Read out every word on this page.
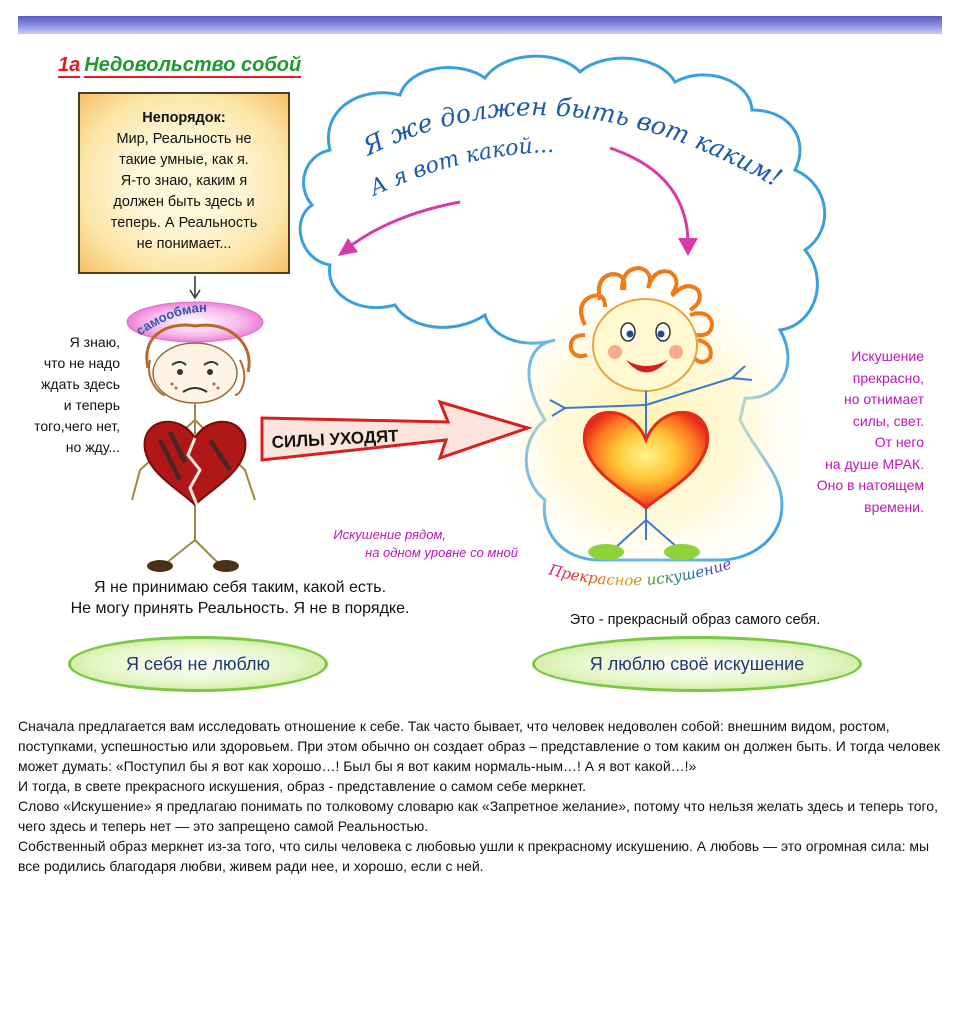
1а Недовольство собой
Я же должен быть вот каким!
А я вот какой...
самообман
СИЛЫ УХОДЯТ
Прекрасное искушение
Непорядок:
Мир, Реальность не
такие умные, как я.
Я-то знаю, каким я
должен быть здесь и
теперь. А Реальность
не понимает...
Я знаю,
что не надо
ждать здесь
и теперь
того,чего нет,
но жду...
Искушение
прекрасно,
но отнимает
силы, свет.
От него
на душе МРАК.
Оно в натоящем
времени.
Искушение рядом,
на одном уровне со мной
Я не принимаю себя таким, какой есть.
Не могу принять Реальность. Я не в порядке.
Это - прекрасный образ самого себя.
Я себя не люблю	Я люблю своё искушение

Сначала предлагается вам исследовать отношение к себе. Так часто бывает, что человек недоволен собой: внешним видом, ростом, поступками, успешностью или здоровьем. При этом обычно он создает образ – представление о том каким он должен быть. И тогда человек может думать: «Поступил бы я вот как хорошо…! Был бы я вот каким нормаль-ным…! А я вот какой…!»

И тогда, в свете прекрасного искушения, образ - представление о самом себе меркнет.

Слово «Искушение» я предлагаю понимать по толковому словарю как «Запретное желание», потому что нельзя желать здесь и теперь того, чего здесь и теперь нет — это запрещено самой Реальностью.

Собственный образ меркнет из-за того, что силы человека с любовью ушли к прекрасному искушению. А любовь — это огромная сила: мы все родились благодаря любви, живем ради нее, и хорошо, если с ней.
